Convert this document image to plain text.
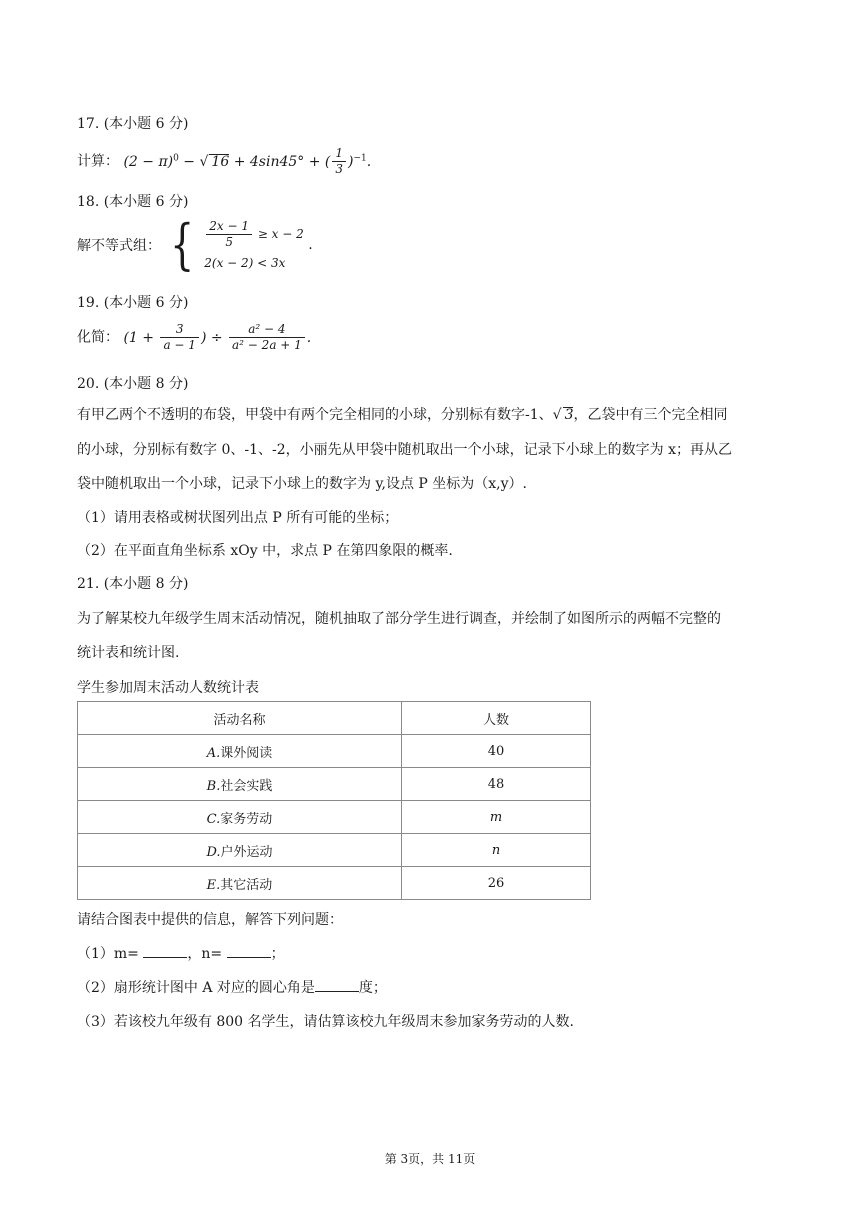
17. (本小题 6 分)
计算： $(2 - \pi)^0$ − √ 16 + 4sin45° + ( $\frac{1}{3} )^{-1}$.
18. (本小题 6 分)
解不等式组： { $\frac{2x - 1}{5} \ge x - 2$
2(x − 2) < 3x
.
19. (本小题 6 分)
化简： ($1 + \frac{3}{a - 1}$ ) ÷ $\frac{\text{a² − 4}}{\text{a² − 2a + 1}}$ .
20. (本小题 8 分)
有甲乙两个不透明的布袋，甲袋中有两个完全相同的小球，分别标有数字-1、√ 3，乙袋中有三个完全相同
的小球，分别标有数字 0、-1、-2，小丽先从甲袋中随机取出一个小球，记录下小球上的数字为 x；再从乙
袋中随机取出一个小球，记录下小球上的数字为 y,设点 P 坐标为（x,y）.
（1）请用表格或树状图列出点 P 所有可能的坐标；
（2）在平面直角坐标系 xOy 中，求点 P 在第四象限的概率.
21. (本小题 8 分)
为了解某校九年级学生周末活动情况，随机抽取了部分学生进行调查，并绘制了如图所示的两幅不完整的
统计表和统计图.
学生参加周末活动人数统计表
活动名称	人数
A.课外阅读	40
B.社会实践	48
C.家务劳动	m
D.户外运动	n
E.其它活动	26
请结合图表中提供的信息，解答下列问题：
（1）m=	，n=	；
（2）扇形统计图中 A 对应的圆心角是	度；
（3）若该校九年级有 800 名学生，请估算该校九年级周末参加家务劳动的人数.
第 3页，共 11页
